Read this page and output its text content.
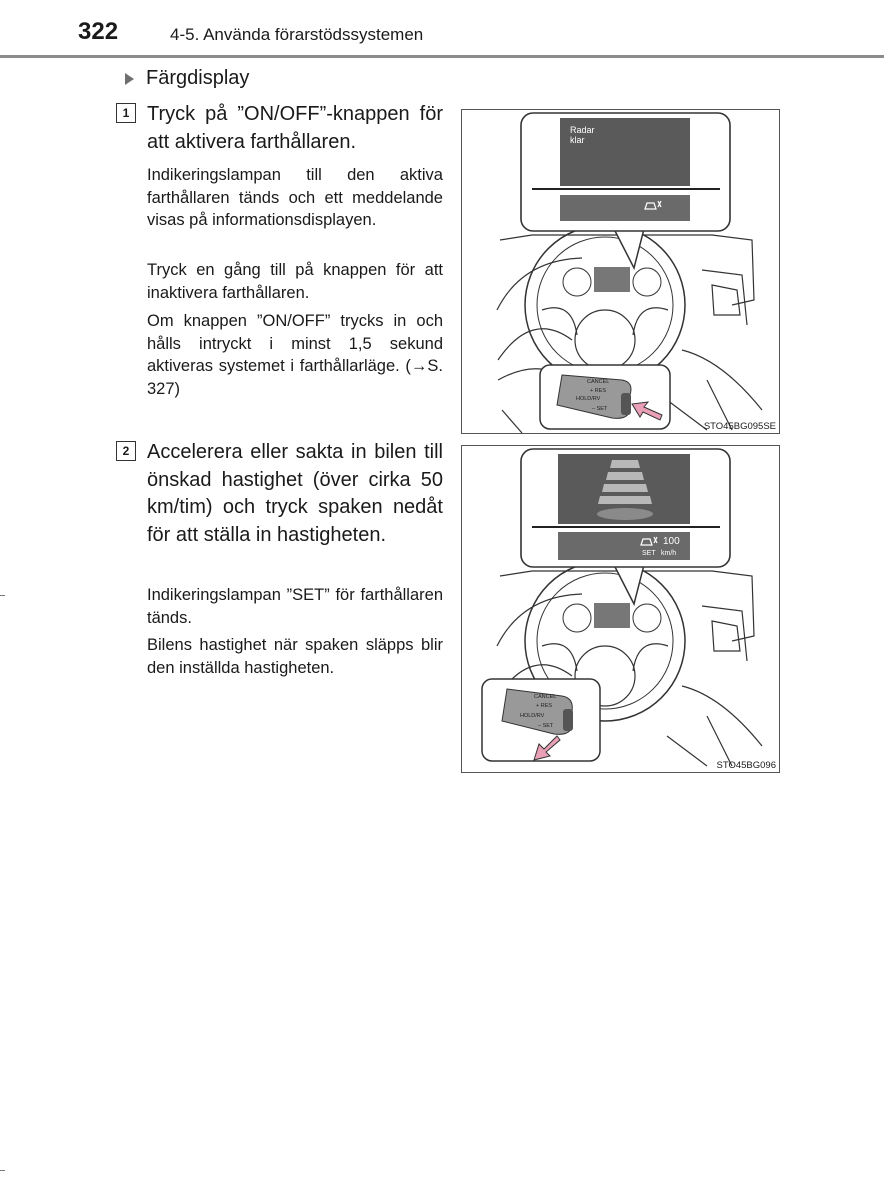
322	4-5. Använda förarstödssystemen
Färgdisplay
1 Tryck på ”ON/OFF”-knappen för att aktivera farthållaren.
Indikeringslampan till den aktiva farthållaren tänds och ett meddelande visas på informationsdisplayen.
Tryck en gång till på knappen för att inaktivera farthållaren.
Om knappen ”ON/OFF” trycks in och hålls intryckt i minst 1,5 sekund aktiveras systemet i farthållarläge. (→S. 327)
2 Accelerera eller sakta in bilen till önskad hastighet (över cirka 50 km/tim) och tryck spaken nedåt för att ställa in hastigheten.
Indikeringslampan ”SET” för farthållaren tänds.
Bilens hastighet när spaken släpps blir den inställda hastigheten.
Radar
klar
CANCEL
+ RES
HOLD/RV
– SET
STO45BG095SE
100
SET km/h
CANCEL
+ RES
HOLD/RV
– SET
STO45BG096
